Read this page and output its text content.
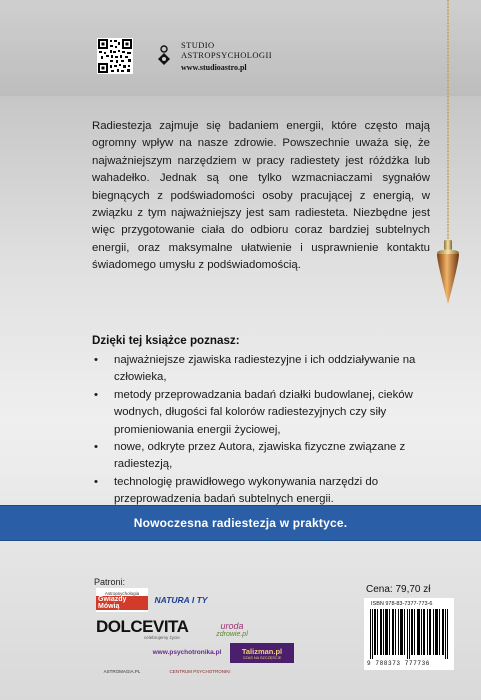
STUDIO
ASTROPSYCHOLOGII
www.studioastro.pl

Radiestezja zajmuje się badaniem energii, które często mają ogromny wpływ na nasze zdrowie. Powszechnie uważa się, że najważniejszym narzędziem w pracy radiestety jest różdżka lub wahadełko. Jednak są one tylko wzmacniaczami sygnałów biegnących z podświadomości osoby pracującej z energią, w związku z tym najważniejszy jest sam radiesteta. Niezbędne jest więc przygotowanie ciała do odbioru coraz bardziej subtelnych energii, oraz maksymalne ułatwienie i usprawnienie kontaktu świadomego umysłu z podświadomością.

Dzięki tej książce poznasz:
• najważniejsze zjawiska radiestezyjne i ich oddziaływanie na człowieka,
• metody przeprowadzania badań działki budowlanej, cieków wodnych, długości fal kolorów radiestezyjnych czy siły promieniowania energii życiowej,
• nowe, odkryte przez Autora, zjawiska fizyczne związane z radiestezją,
• technologię prawidłowego wykonywania narzędzi do przeprowadzenia badań subtelnych energii.
Nowoczesna radiestezja w praktyce.
Patroni:
Astropsychologia
Gwiazdy Mówią
NATURA I TY
DOLCEVITA
celebrujemy życie
uroda
zdrowie.pl
www.psychotronika.pl	Talizman.pl
CZAS NA SZCZĘŚCIE
ASTROMAGIA.PL	CENTRUM PSYCHOTRONIKI
Cena: 79,70 zł
ISBN 978-83-7377-773-6
9 788373 777736
